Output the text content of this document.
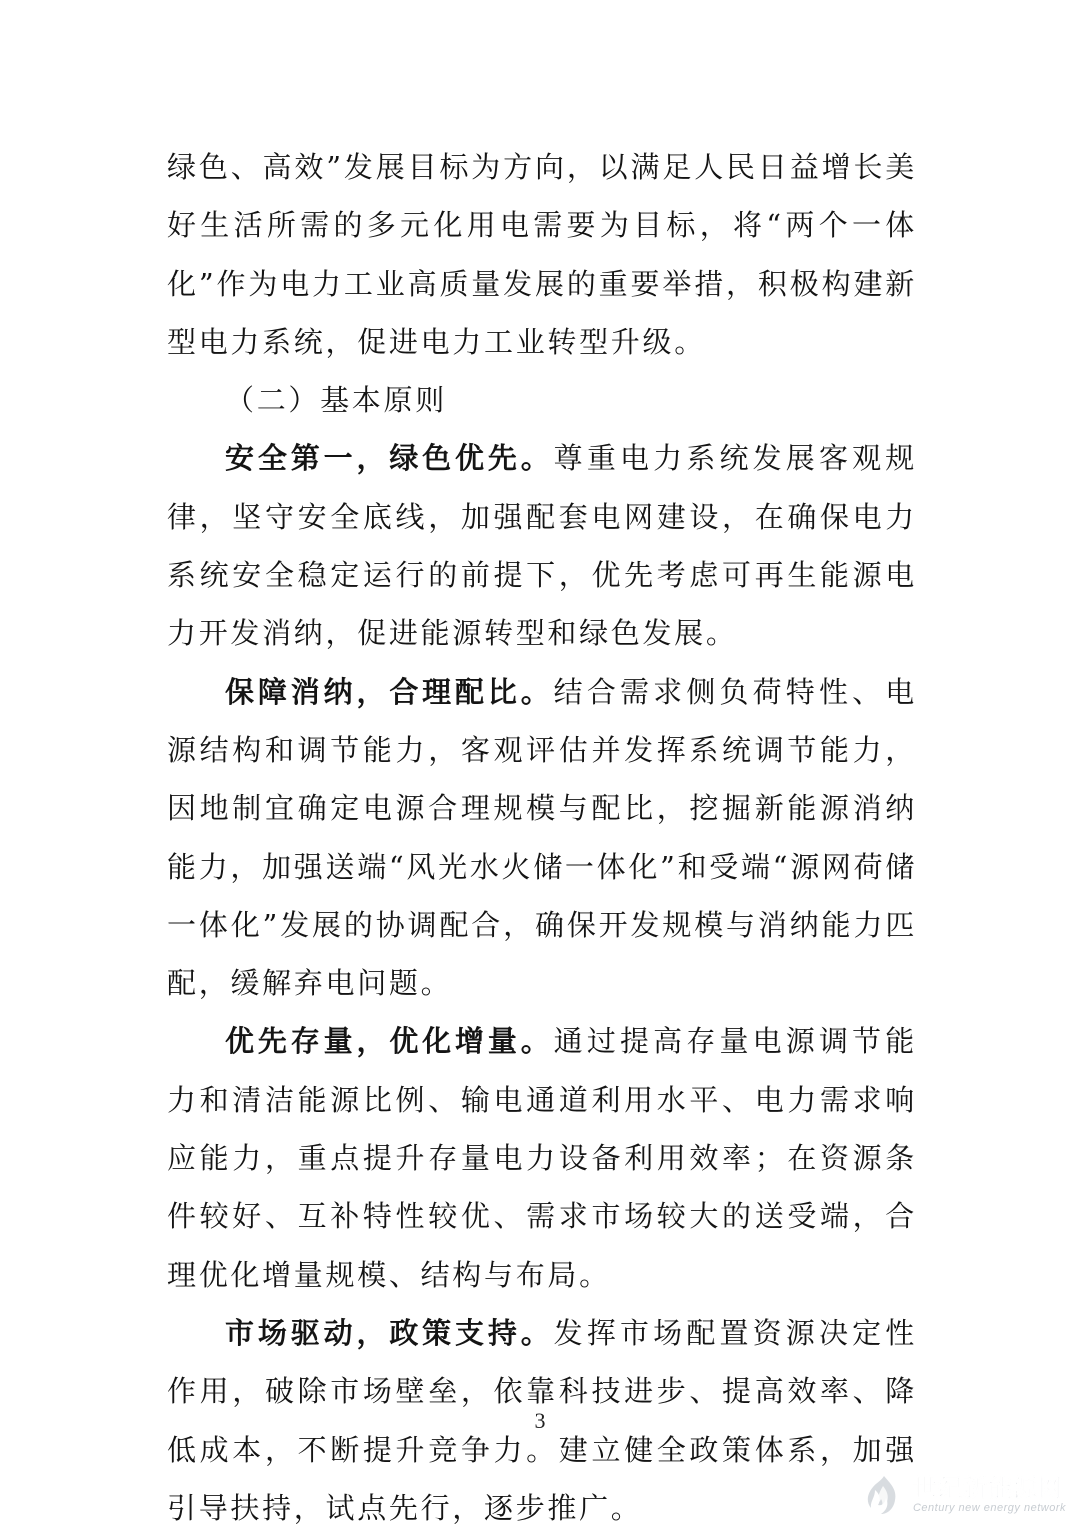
绿色、高效”发展目标为方向，以满足人民日益增长美好生活所需的多元化用电需要为目标，将“两个一体化”作为电力工业高质量发展的重要举措，积极构建新型电力系统，促进电力工业转型升级。

（二）基本原则

安全第一，绿色优先。尊重电力系统发展客观规律，坚守安全底线，加强配套电网建设，在确保电力系统安全稳定运行的前提下，优先考虑可再生能源电力开发消纳，促进能源转型和绿色发展。

保障消纳，合理配比。结合需求侧负荷特性、电源结构和调节能力，客观评估并发挥系统调节能力，因地制宜确定电源合理规模与配比，挖掘新能源消纳能力，加强送端“风光水火储一体化”和受端“源网荷储一体化”发展的协调配合，确保开发规模与消纳能力匹配，缓解弃电问题。

优先存量，优化增量。通过提高存量电源调节能力和清洁能源比例、输电通道利用水平、电力需求响应能力，重点提升存量电力设备利用效率；在资源条件较好、互补特性较优、需求市场较大的送受端，合理优化增量规模、结构与布局。

市场驱动，政策支持。发挥市场配置资源决定性作用，破除市场壁垒，依靠科技进步、提高效率、降低成本，不断提升竞争力。建立健全政策体系，加强引导扶持，试点先行，逐步推广。

3
世纪新能源网
Century new energy network
